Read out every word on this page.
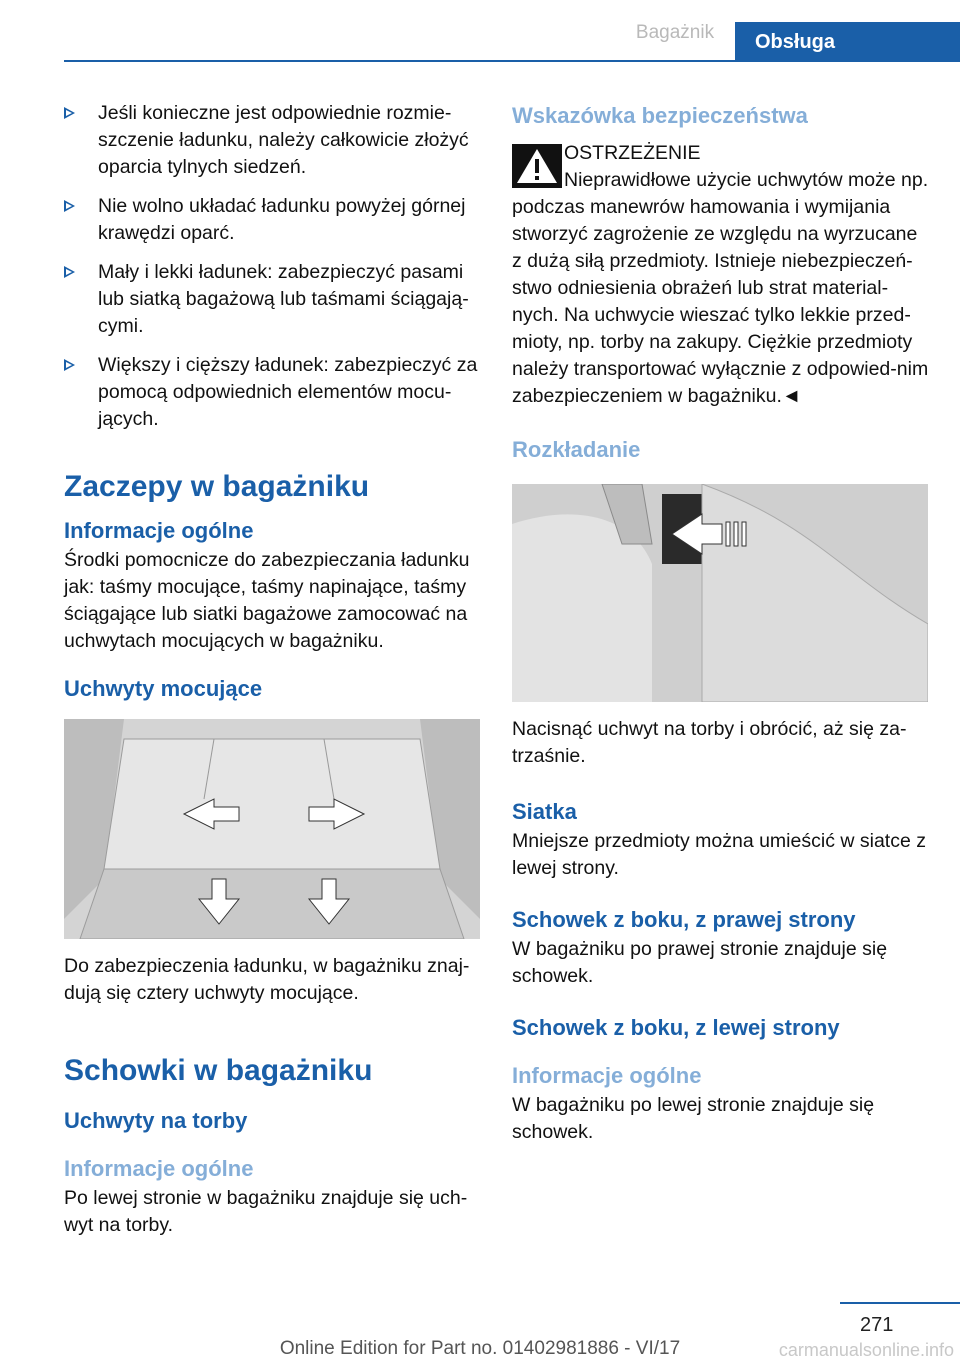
Bagażnik	Obsługa
Jeśli konieczne jest odpowiednie rozmie-szczenie ładunku, należy całkowicie złożyć oparcia tylnych siedzeń.
Nie wolno układać ładunku powyżej górnej krawędzi oparć.
Mały i lekki ładunek: zabezpieczyć pasami lub siatką bagażową lub taśmami ściągają-cymi.
Większy i cięższy ładunek: zabezpieczyć za pomocą odpowiednich elementów mocu-jących.
Zaczepy w bagażniku
Informacje ogólne

Środki pomocnicze do zabezpieczania ładunku jak: taśmy mocujące, taśmy napinające, taśmy ściągające lub siatki bagażowe zamocować na uchwytach mocujących w bagażniku.

Uchwyty mocujące

Do zabezpieczenia ładunku, w bagażniku znaj-dują się cztery uchwyty mocujące.

Schowki w bagażniku
Uchwyty na torby
Informacje ogólne

Po lewej stronie w bagażniku znajduje się uch-wyt na torby.

Wskazówka bezpieczeństwa

OSTRZEŻENIE

Nieprawidłowe użycie uchwytów może np. podczas manewrów hamowania i wymijania stworzyć zagrożenie ze względu na wyrzucane z dużą siłą przedmioty. Istnieje niebezpieczeń-stwo odniesienia obrażeń lub strat material-nych. Na uchwycie wieszać tylko lekkie przed-mioty, np. torby na zakupy. Ciężkie przedmioty należy transportować wyłącznie z odpowied-nim zabezpieczeniem w bagażniku.◄

Rozkładanie

Nacisnąć uchwyt na torby i obrócić, aż się za-trzaśnie.

Siatka

Mniejsze przedmioty można umieścić w siatce z lewej strony.

Schowek z boku, z prawej strony

W bagażniku po prawej stronie znajduje się schowek.

Schowek z boku, z lewej strony
Informacje ogólne

W bagażniku po lewej stronie znajduje się schowek.

271
Online Edition for Part no. 01402981886 - VI/17	carmanualsonline.info
